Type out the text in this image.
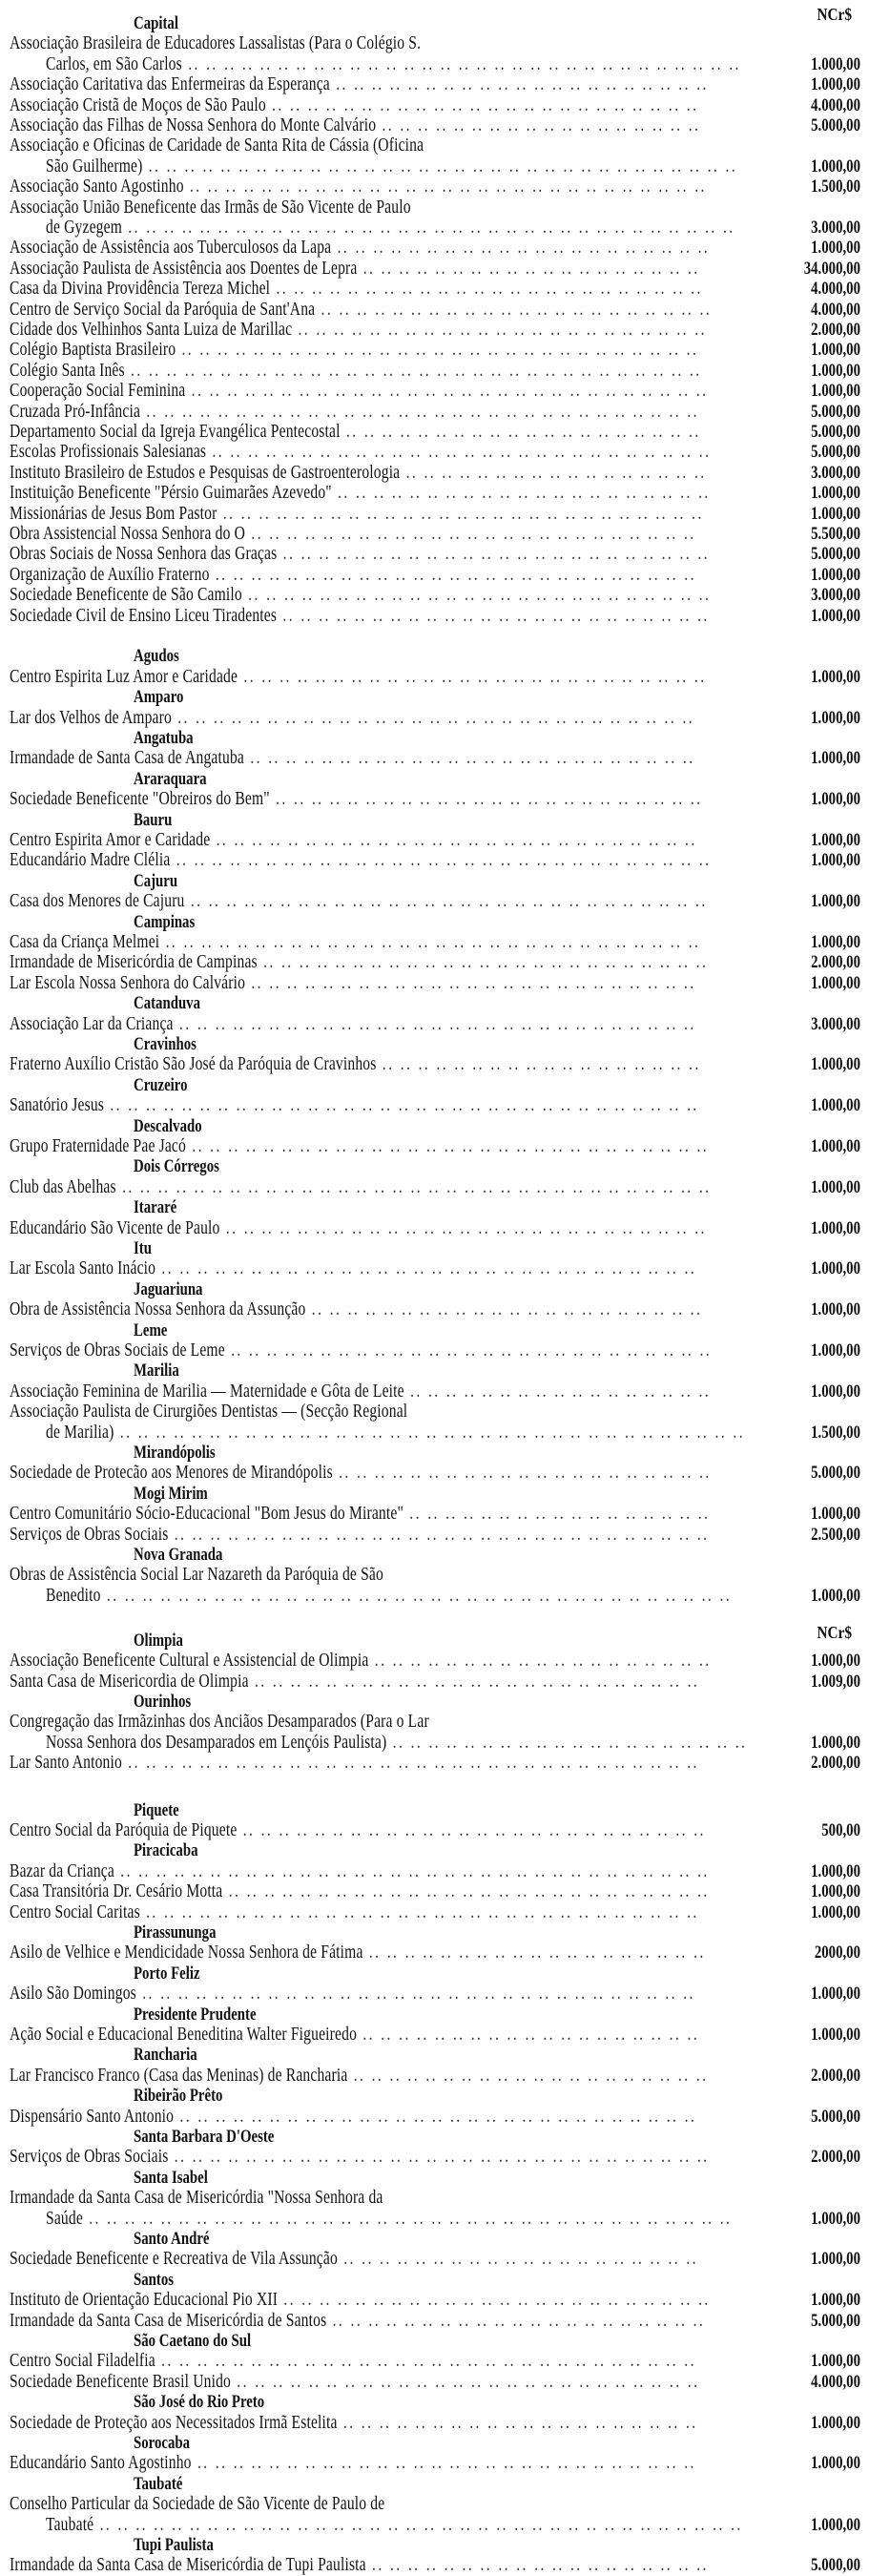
NCr$
NCr$
Capital
Associação Brasileira de Educadores Lassalistas (Para o Colégio S.
1.000,00
Carlos, em São Carlos .. .. .. .. .. .. .. .. .. .. .. .. .. .. .. .. .. .. .. .. .. .. .. .. .. .. .. .. .. .. ..
1.000,00
Associação Caritativa das Enfermeiras da Esperança .. .. .. .. .. .. .. .. .. .. .. .. .. .. .. .. .. .. .. .. ..
4.000,00
Associação Cristã de Moços de São Paulo .. .. .. .. .. .. .. .. .. .. .. .. .. .. .. .. .. .. .. .. .. .. .. ..
5.000,00
Associação das Filhas de Nossa Senhora do Monte Calvário .. .. .. .. .. .. .. .. .. .. .. .. .. .. .. .. .. ..
Associação e Oficinas de Caridade de Santa Rita de Cássia (Oficina
1.000,00
São Guilherme) .. .. .. .. .. .. .. .. .. .. .. .. .. .. .. .. .. .. .. .. .. .. .. .. .. .. .. .. .. .. .. .. ..
1.500,00
Associação Santo Agostinho .. .. .. .. .. .. .. .. .. .. .. .. .. .. .. .. .. .. .. .. .. .. .. .. .. .. .. .. ..
Associação União Beneficente das Irmãs de São Vicente de Paulo
3.000,00
de Gyzegem .. .. .. .. .. .. .. .. .. .. .. .. .. .. .. .. .. .. .. .. .. .. .. .. .. .. .. .. .. .. .. .. .. ..
1.000,00
Associação de Assistência aos Tuberculosos da Lapa .. .. .. .. .. .. .. .. .. .. .. .. .. .. .. .. .. .. .. .. ..
34.000,00
Associação Paulista de Assistência aos Doentes de Lepra .. .. .. .. .. .. .. .. .. .. .. .. .. .. .. .. .. .. ..
4.000,00
Casa da Divina Providência Tereza Michel .. .. .. .. .. .. .. .. .. .. .. .. .. .. .. .. .. .. .. .. .. .. .. ..
4.000,00
Centro de Serviço Social da Paróquia de Sant'Ana .. .. .. .. .. .. .. .. .. .. .. .. .. .. .. .. .. .. .. .. .. ..
2.000,00
Cidade dos Velhinhos Santa Luiza de Marillac .. .. .. .. .. .. .. .. .. .. .. .. .. .. .. .. .. .. .. .. .. .. ..
1.000,00
Colégio Baptista Brasileiro .. .. .. .. .. .. .. .. .. .. .. .. .. .. .. .. .. .. .. .. .. .. .. .. .. .. .. .. ..
1.000,00
Colégio Santa Inês .. .. .. .. .. .. .. .. .. .. .. .. .. .. .. .. .. .. .. .. .. .. .. .. .. .. .. .. .. .. .. ..
1.000,00
Cooperação Social Feminina .. .. .. .. .. .. .. .. .. .. .. .. .. .. .. .. .. .. .. .. .. .. .. .. .. .. .. .. ..
5.000,00
Cruzada Pró-Infância .. .. .. .. .. .. .. .. .. .. .. .. .. .. .. .. .. .. .. .. .. .. .. .. .. .. .. .. .. .. ..
5.000,00
Departamento Social da Igreja Evangélica Pentecostal .. .. .. .. .. .. .. .. .. .. .. .. .. .. .. .. .. .. .. ..
5.000,00
Escolas Profissionais Salesianas .. .. .. .. .. .. .. .. .. .. .. .. .. .. .. .. .. .. .. .. .. .. .. .. .. .. .. ..
3.000,00
Instituto Brasileiro de Estudos e Pesquisas de Gastroenterologia .. .. .. .. .. .. .. .. .. .. .. .. .. .. .. .. ..
1.000,00
Instituição Beneficente "Pérsio Guimarães Azevedo" .. .. .. .. .. .. .. .. .. .. .. .. .. .. .. .. .. .. .. .. ..
1.000,00
Missionárias de Jesus Bom Pastor .. .. .. .. .. .. .. .. .. .. .. .. .. .. .. .. .. .. .. .. .. .. .. .. .. .. ..
5.500,00
Obra Assistencial Nossa Senhora do O .. .. .. .. .. .. .. .. .. .. .. .. .. .. .. .. .. .. .. .. .. .. .. .. ..
5.000,00
Obras Sociais de Nossa Senhora das Graças .. .. .. .. .. .. .. .. .. .. .. .. .. .. .. .. .. .. .. .. .. .. .. ..
1.000,00
Organização de Auxílio Fraterno .. .. .. .. .. .. .. .. .. .. .. .. .. .. .. .. .. .. .. .. .. .. .. .. .. .. ..
3.000,00
Sociedade Beneficente de São Camilo .. .. .. .. .. .. .. .. .. .. .. .. .. .. .. .. .. .. .. .. .. .. .. .. .. ..
1.000,00
Sociedade Civil de Ensino Liceu Tiradentes .. .. .. .. .. .. .. .. .. .. .. .. .. .. .. .. .. .. .. .. .. .. .. ..
Agudos
1.000,00
Centro Espirita Luz Amor e Caridade .. .. .. .. .. .. .. .. .. .. .. .. .. .. .. .. .. .. .. .. .. .. .. .. .. ..
Amparo
1.000,00
Lar dos Velhos de Amparo .. .. .. .. .. .. .. .. .. .. .. .. .. .. .. .. .. .. .. .. .. .. .. .. .. .. .. .. ..
Angatuba
1.000,00
Irmandade de Santa Casa de Angatuba .. .. .. .. .. .. .. .. .. .. .. .. .. .. .. .. .. .. .. .. .. .. .. .. ..
Araraquara
1.000,00
Sociedade Beneficente "Obreiros do Bem" .. .. .. .. .. .. .. .. .. .. .. .. .. .. .. .. .. .. .. .. .. .. .. ..
Bauru
1.000,00
Centro Espirita Amor e Caridade .. .. .. .. .. .. .. .. .. .. .. .. .. .. .. .. .. .. .. .. .. .. .. .. .. .. ..
1.000,00
Educandário Madre Clélia .. .. .. .. .. .. .. .. .. .. .. .. .. .. .. .. .. .. .. .. .. .. .. .. .. .. .. .. .. ..
Cajuru
1.000,00
Casa dos Menores de Cajuru .. .. .. .. .. .. .. .. .. .. .. .. .. .. .. .. .. .. .. .. .. .. .. .. .. .. .. .. ..
Campinas
1.000,00
Casa da Criança Melmei .. .. .. .. .. .. .. .. .. .. .. .. .. .. .. .. .. .. .. .. .. .. .. .. .. .. .. .. .. ..
2.000,00
Irmandade de Misericórdia de Campinas .. .. .. .. .. .. .. .. .. .. .. .. .. .. .. .. .. .. .. .. .. .. .. .. ..
1.000,00
Lar Escola Nossa Senhora do Calvário .. .. .. .. .. .. .. .. .. .. .. .. .. .. .. .. .. .. .. .. .. .. .. .. ..
Catanduva
3.000,00
Associação Lar da Criança .. .. .. .. .. .. .. .. .. .. .. .. .. .. .. .. .. .. .. .. .. .. .. .. .. .. .. .. ..
Cravinhos
1.000,00
Fraterno Auxílio Cristão São José da Paróquia de Cravinhos .. .. .. .. .. .. .. .. .. .. .. .. .. .. .. .. .. ..
Cruzeiro
1.000,00
Sanatório Jesus .. .. .. .. .. .. .. .. .. .. .. .. .. .. .. .. .. .. .. .. .. .. .. .. .. .. .. .. .. .. .. .. ..
Descalvado
1.000,00
Grupo Fraternidade Pae Jacó .. .. .. .. .. .. .. .. .. .. .. .. .. .. .. .. .. .. .. .. .. .. .. .. .. .. .. .. ..
Dois Córregos
1.000,00
Club das Abelhas .. .. .. .. .. .. .. .. .. .. .. .. .. .. .. .. .. .. .. .. .. .. .. .. .. .. .. .. .. .. .. .. ..
Itararé
1.000,00
Educandário São Vicente de Paulo .. .. .. .. .. .. .. .. .. .. .. .. .. .. .. .. .. .. .. .. .. .. .. .. .. .. ..
Itu
1.000,00
Lar Escola Santo Inácio .. .. .. .. .. .. .. .. .. .. .. .. .. .. .. .. .. .. .. .. .. .. .. .. .. .. .. .. .. ..
Jaguariuna
1.000,00
Obra de Assistência Nossa Senhora da Assunção .. .. .. .. .. .. .. .. .. .. .. .. .. .. .. .. .. .. .. .. .. ..
Leme
1.000,00
Serviços de Obras Sociais de Leme .. .. .. .. .. .. .. .. .. .. .. .. .. .. .. .. .. .. .. .. .. .. .. .. .. .. ..
Marilia
1.000,00
Associação Feminina de Marilia — Maternidade e Gôta de Leite .. .. .. .. .. .. .. .. .. .. .. .. .. .. .. .. ..
Associação Paulista de Cirurgiões Dentistas — (Secção Regional
1.500,00
de Marilia) .. .. .. .. .. .. .. .. .. .. .. .. .. .. .. .. .. .. .. .. .. .. .. .. .. .. .. .. .. .. .. .. .. .. ..
Mirandópolis
5.000,00
Sociedade de Protecão aos Menores de Mirandópolis .. .. .. .. .. .. .. .. .. .. .. .. .. .. .. .. .. .. .. .. ..
Mogi Mirim
1.000,00
Centro Comunitário Sócio-Educacional "Bom Jesus do Mirante" .. .. .. .. .. .. .. .. .. .. .. .. .. .. .. .. ..
2.500,00
Serviços de Obras Sociais .. .. .. .. .. .. .. .. .. .. .. .. .. .. .. .. .. .. .. .. .. .. .. .. .. .. .. .. .. ..
Nova Granada
Obras de Assistência Social Lar Nazareth da Paróquia de São
1.000,00
Benedito .. .. .. .. .. .. .. .. .. .. .. .. .. .. .. .. .. .. .. .. .. .. .. .. .. .. .. .. .. .. .. .. .. .. ..
Olimpia
1.000,00
Associação Beneficente Cultural e Assistencial de Olimpia .. .. .. .. .. .. .. .. .. .. .. .. .. .. .. .. .. .. ..
1.009,00
Santa Casa de Misericordia de Olimpia .. .. .. .. .. .. .. .. .. .. .. .. .. .. .. .. .. .. .. .. .. .. .. .. ..
Ourinhos
Congregação das Irmãzinhas dos Anciãos Desamparados (Para o Lar
1.000,00
Nossa Senhora dos Desamparados em Lençóis Paulista) .. .. .. .. .. .. .. .. .. .. .. .. .. .. .. .. .. .. .. ..
2.000,00
Lar Santo Antonio .. .. .. .. .. .. .. .. .. .. .. .. .. .. .. .. .. .. .. .. .. .. .. .. .. .. .. .. .. .. .. ..
Piquete
500,00
Centro Social da Paróquia de Piquete .. .. .. .. .. .. .. .. .. .. .. .. .. .. .. .. .. .. .. .. .. .. .. .. .. ..
Piracicaba
1.000,00
Bazar da Criança .. .. .. .. .. .. .. .. .. .. .. .. .. .. .. .. .. .. .. .. .. .. .. .. .. .. .. .. .. .. .. .. ..
1.000,00
Casa Transitória Dr. Cesário Motta .. .. .. .. .. .. .. .. .. .. .. .. .. .. .. .. .. .. .. .. .. .. .. .. .. .. ..
1.000,00
Centro Social Caritas .. .. .. .. .. .. .. .. .. .. .. .. .. .. .. .. .. .. .. .. .. .. .. .. .. .. .. .. .. .. ..
Pirassununga
2000,00
Asilo de Velhice e Mendicidade Nossa Senhora de Fátima .. .. .. .. .. .. .. .. .. .. .. .. .. .. .. .. .. .. ..
Porto Feliz
1.000,00
Asilo São Domingos .. .. .. .. .. .. .. .. .. .. .. .. .. .. .. .. .. .. .. .. .. .. .. .. .. .. .. .. .. .. ..
Presidente Prudente
1.000,00
Ação Social e Educacional Beneditina Walter Figueiredo .. .. .. .. .. .. .. .. .. .. .. .. .. .. .. .. .. .. ..
Rancharia
2.000,00
Lar Francisco Franco (Casa das Meninas) de Rancharia .. .. .. .. .. .. .. .. .. .. .. .. .. .. .. .. .. .. .. ..
Ribeirão Prêto
5.000,00
Dispensário Santo Antonio .. .. .. .. .. .. .. .. .. .. .. .. .. .. .. .. .. .. .. .. .. .. .. .. .. .. .. .. ..
Santa Barbara D'Oeste
2.000,00
Serviços de Obras Sociais .. .. .. .. .. .. .. .. .. .. .. .. .. .. .. .. .. .. .. .. .. .. .. .. .. .. .. .. .. ..
Santa Isabel
Irmandade da Santa Casa de Misericórdia "Nossa Senhora da
1.000,00
Saúde .. .. .. .. .. .. .. .. .. .. .. .. .. .. .. .. .. .. .. .. .. .. .. .. .. .. .. .. .. .. .. .. .. .. .. ..
Santo André
1.000,00
Sociedade Beneficente e Recreativa de Vila Assunção .. .. .. .. .. .. .. .. .. .. .. .. .. .. .. .. .. .. .. ..
Santos
1.000,00
Instituto de Orientação Educacional Pio XII .. .. .. .. .. .. .. .. .. .. .. .. .. .. .. .. .. .. .. .. .. .. .. ..
5.000,00
Irmandade da Santa Casa de Misericórdia de Santos .. .. .. .. .. .. .. .. .. .. .. .. .. .. .. .. .. .. .. .. ..
São Caetano do Sul
1.000,00
Centro Social Filadelfia .. .. .. .. .. .. .. .. .. .. .. .. .. .. .. .. .. .. .. .. .. .. .. .. .. .. .. .. .. ..
4.000,00
Sociedade Beneficente Brasil Unido .. .. .. .. .. .. .. .. .. .. .. .. .. .. .. .. .. .. .. .. .. .. .. .. .. ..
São José do Rio Preto
1.000,00
Sociedade de Proteção aos Necessitados Irmã Estelita .. .. .. .. .. .. .. .. .. .. .. .. .. .. .. .. .. .. .. ..
Sorocaba
1.000,00
Educandário Santo Agostinho .. .. .. .. .. .. .. .. .. .. .. .. .. .. .. .. .. .. .. .. .. .. .. .. .. .. .. ..
Taubaté
Conselho Particular da Sociedade de São Vicente de Paulo de
1.000,00
Taubaté .. .. .. .. .. .. .. .. .. .. .. .. .. .. .. .. .. .. .. .. .. .. .. .. .. .. .. .. .. .. .. .. .. .. .. ..
Tupi Paulista
5.000,00
Irmandade da Santa Casa de Misericórdia de Tupi Paulista .. .. .. .. .. .. .. .. .. .. .. .. .. .. .. .. .. .. ..
